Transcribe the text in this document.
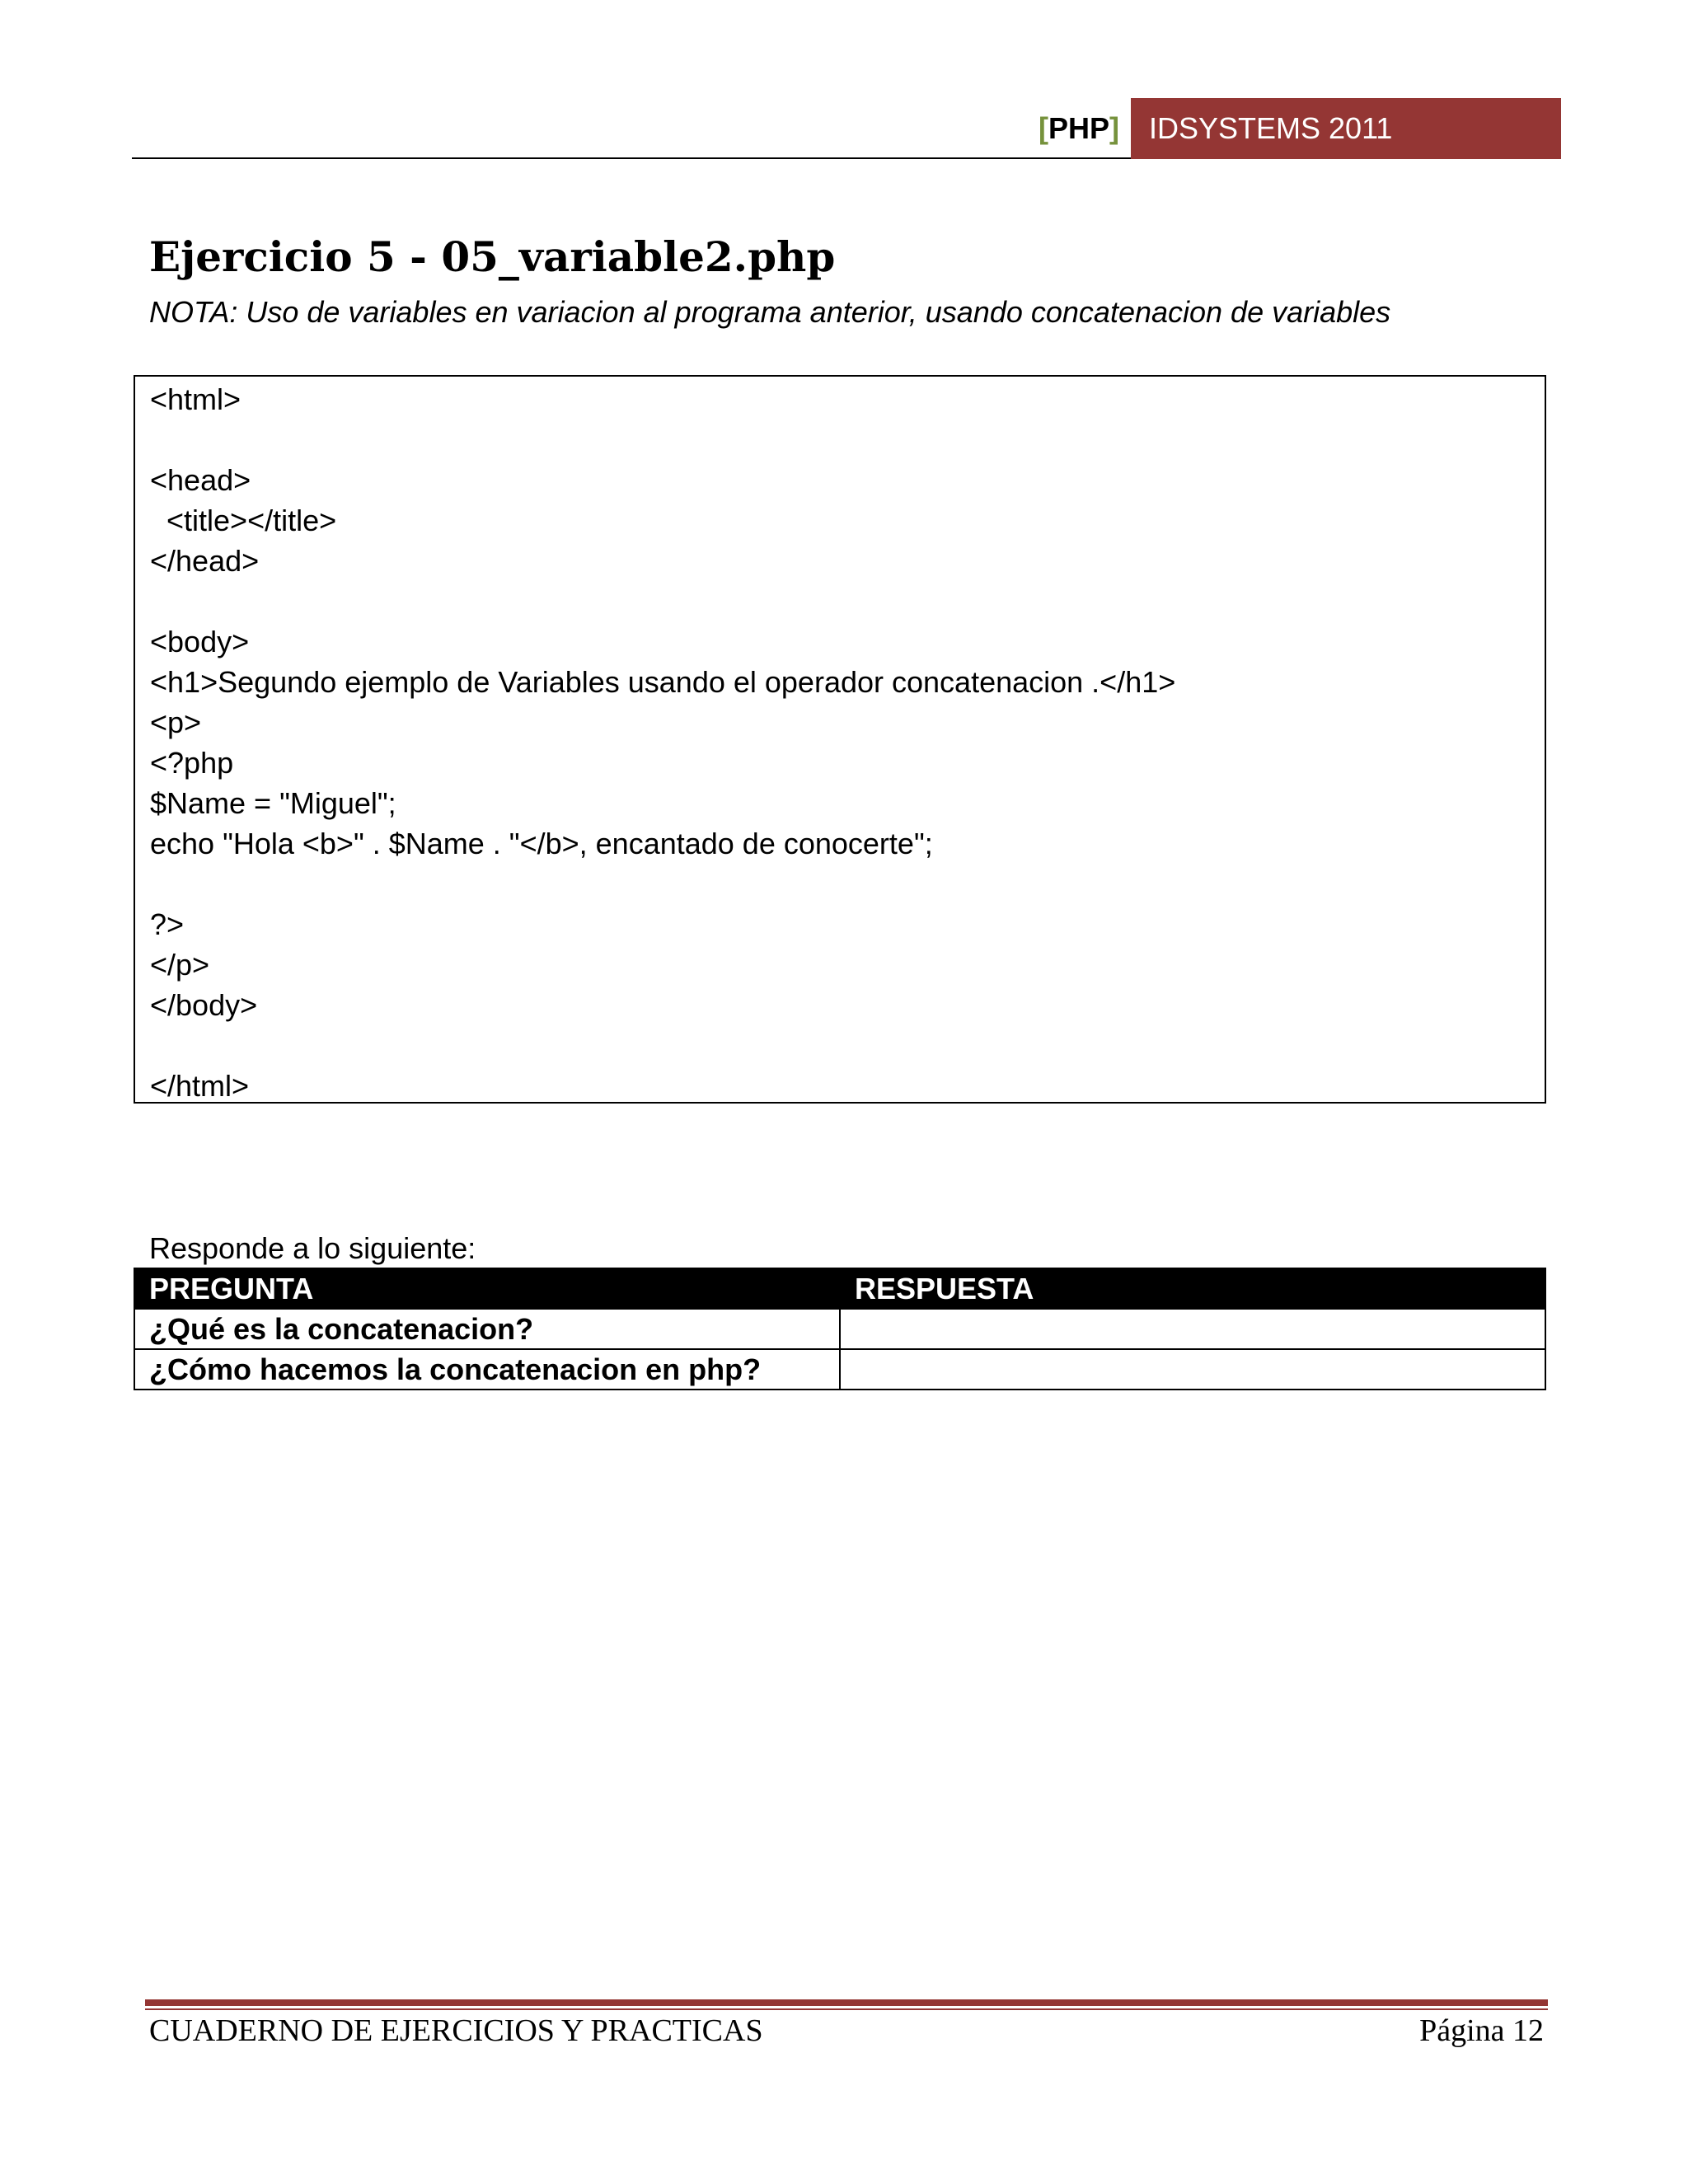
[PHP] IDSYSTEMS 2011
Ejercicio 5 - 05_variable2.php
NOTA: Uso de variables en variacion al programa anterior, usando concatenacion de variables
<html>
<head>
<title></title>
</head>
<body>
<h1>Segundo ejemplo de Variables usando el operador concatenacion .</h1>
<p>
<?php
$Name = "Miguel";
echo "Hola <b>" . $Name . "</b>, encantado de conocerte";
?>
</p>
</body>
</html>
Responde a lo siguiente:
PREGUNTA	RESPUESTA
¿Qué es la concatenacion?	
¿Cómo hacemos la concatenacion en php?	
CUADERNO DE EJERCICIOS Y PRACTICAS	Página 12
